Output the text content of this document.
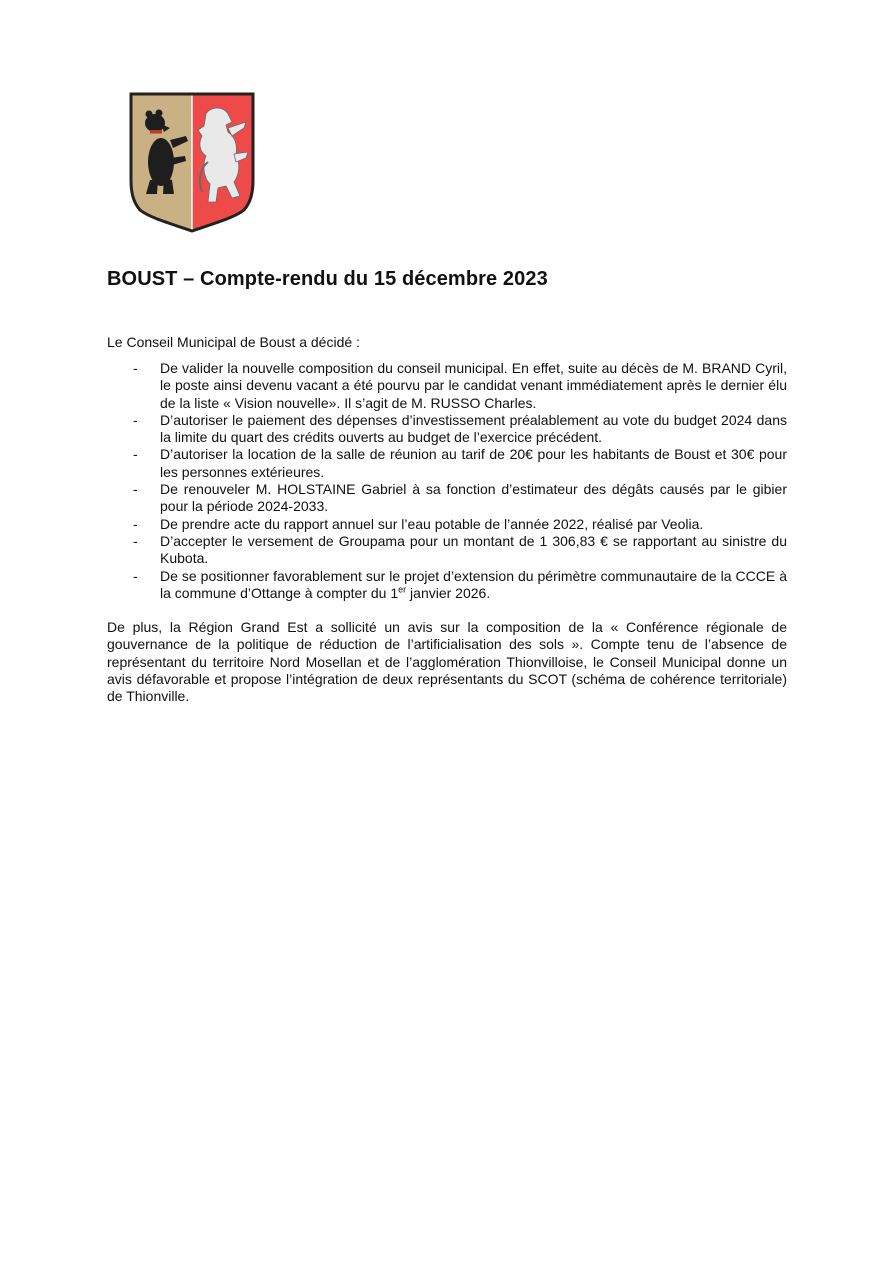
BOUST – Compte-rendu du 15 décembre 2023

Le Conseil Municipal de Boust a décidé :

- De valider la nouvelle composition du conseil municipal. En effet, suite au décès de M. BRAND Cyril, le poste ainsi devenu vacant a été pourvu par le candidat venant immédiatement après le dernier élu de la liste « Vision nouvelle». Il s’agit de M. RUSSO Charles.
- D’autoriser le paiement des dépenses d’investissement préalablement au vote du budget 2024 dans la limite du quart des crédits ouverts au budget de l’exercice précédent.
- D’autoriser la location de la salle de réunion au tarif de 20€ pour les habitants de Boust et 30€ pour les personnes extérieures.
- De renouveler M. HOLSTAINE Gabriel à sa fonction d’estimateur des dégâts causés par le gibier pour la période 2024-2033.
- De prendre acte du rapport annuel sur l’eau potable de l’année 2022, réalisé par Veolia.
- D’accepter le versement de Groupama pour un montant de 1 306,83 € se rapportant au sinistre du Kubota.
- De se positionner favorablement sur le projet d’extension du périmètre communautaire de la CCCE à la commune d’Ottange à compter du 1er janvier 2026.

De plus, la Région Grand Est a sollicité un avis sur la composition de la « Conférence régionale de gouvernance de la politique de réduction de l’artificialisation des sols ». Compte tenu de l’absence de représentant du territoire Nord Mosellan et de l’agglomération Thionvilloise, le Conseil Municipal donne un avis défavorable et propose l’intégration de deux représentants du SCOT (schéma de cohérence territoriale) de Thionville.
